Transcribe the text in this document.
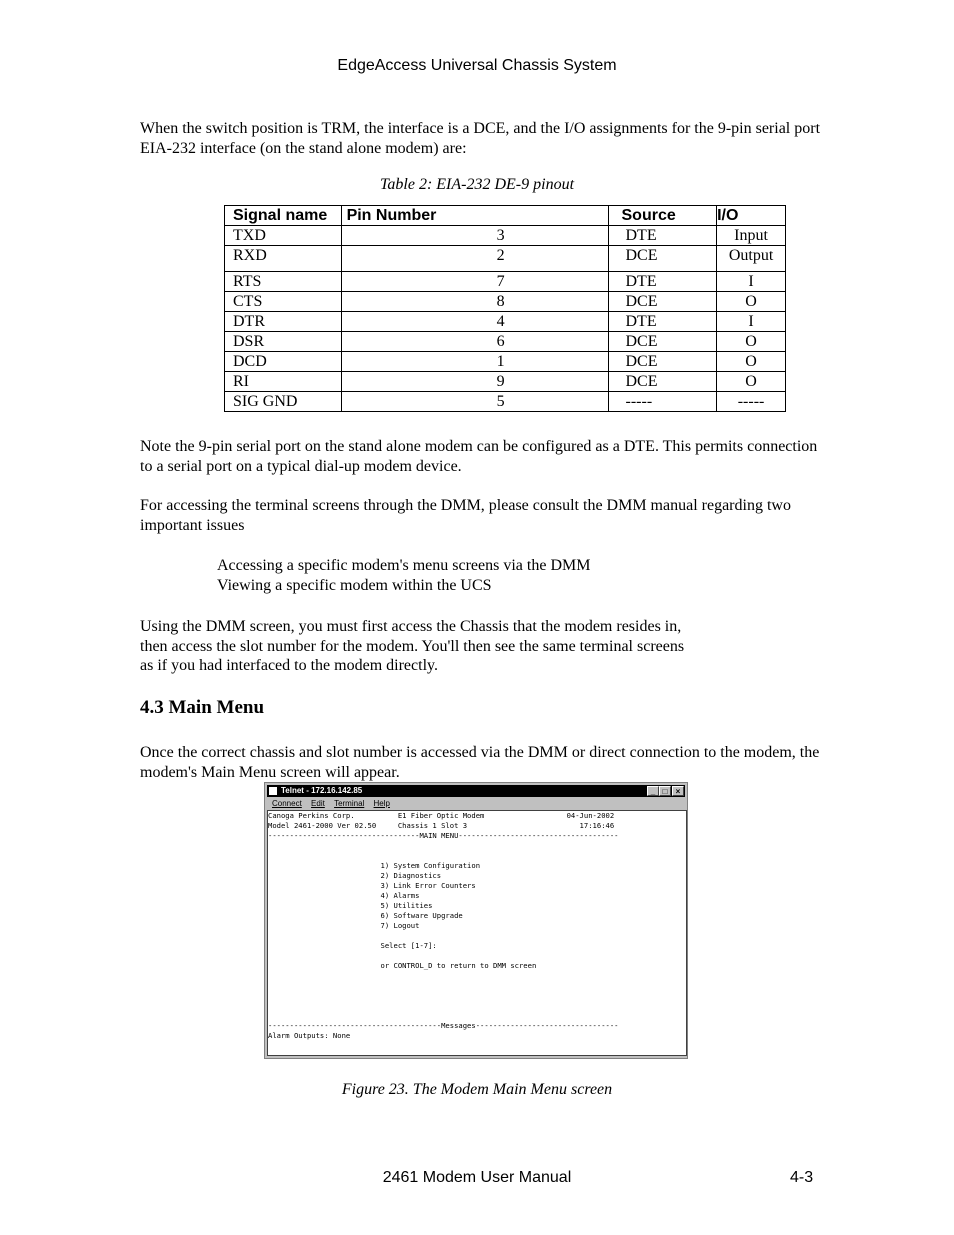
EdgeAccess Universal Chassis System
When the switch position is TRM, the interface is a DCE, and the I/O assignments for the 9-pin serial port EIA-232 interface (on the stand alone modem) are:
Table 2: EIA-232 DE-9 pinout
Signal name	Pin Number	Source	I/O
TXD	3	DTE	Input
RXD	2	DCE	Output
RTS	7	DTE	I
CTS	8	DCE	O
DTR	4	DTE	I
DSR	6	DCE	O
DCD	1	DCE	O
RI	9	DCE	O
SIG GND	5	-----	-----
Note the 9-pin serial port on the stand alone modem can be configured as a DTE. This permits connection to a serial port on a typical dial-up modem device.
For accessing the terminal screens through the DMM, please consult the DMM manual regarding two important issues
Accessing a specific modem's menu screens via the DMM
Viewing a specific modem within the UCS
Using the DMM screen, you must first access the Chassis that the modem resides in,
then access the slot number for the modem. You'll then see the same terminal screens
as if you had interfaced to the modem directly.
4.3 Main Menu
Once the correct chassis and slot number is accessed via the DMM or direct connection to the modem, the modem's Main Menu screen will appear.
Telnet - 172.16.142.85	_ □	×
Connect Edit Terminal Help
Canoga Perkins Corp.          E1 Fiber Optic Modem                   04-Jun-2002
Model 2461-2000 Ver 02.50     Chassis 1 Slot 3                          17:16:46
-----------------------------------MAIN MENU-------------------------------------
1) System Configuration
2) Diagnostics
3) Link Error Counters
4) Alarms
5) Utilities
6) Software Upgrade
7) Logout
Select [1-7]:
or CONTROL_D to return to DMM screen
----------------------------------------Messages---------------------------------
Alarm Outputs: None
Figure 23. The Modem Main Menu screen
2461 Modem User Manual	4-3
